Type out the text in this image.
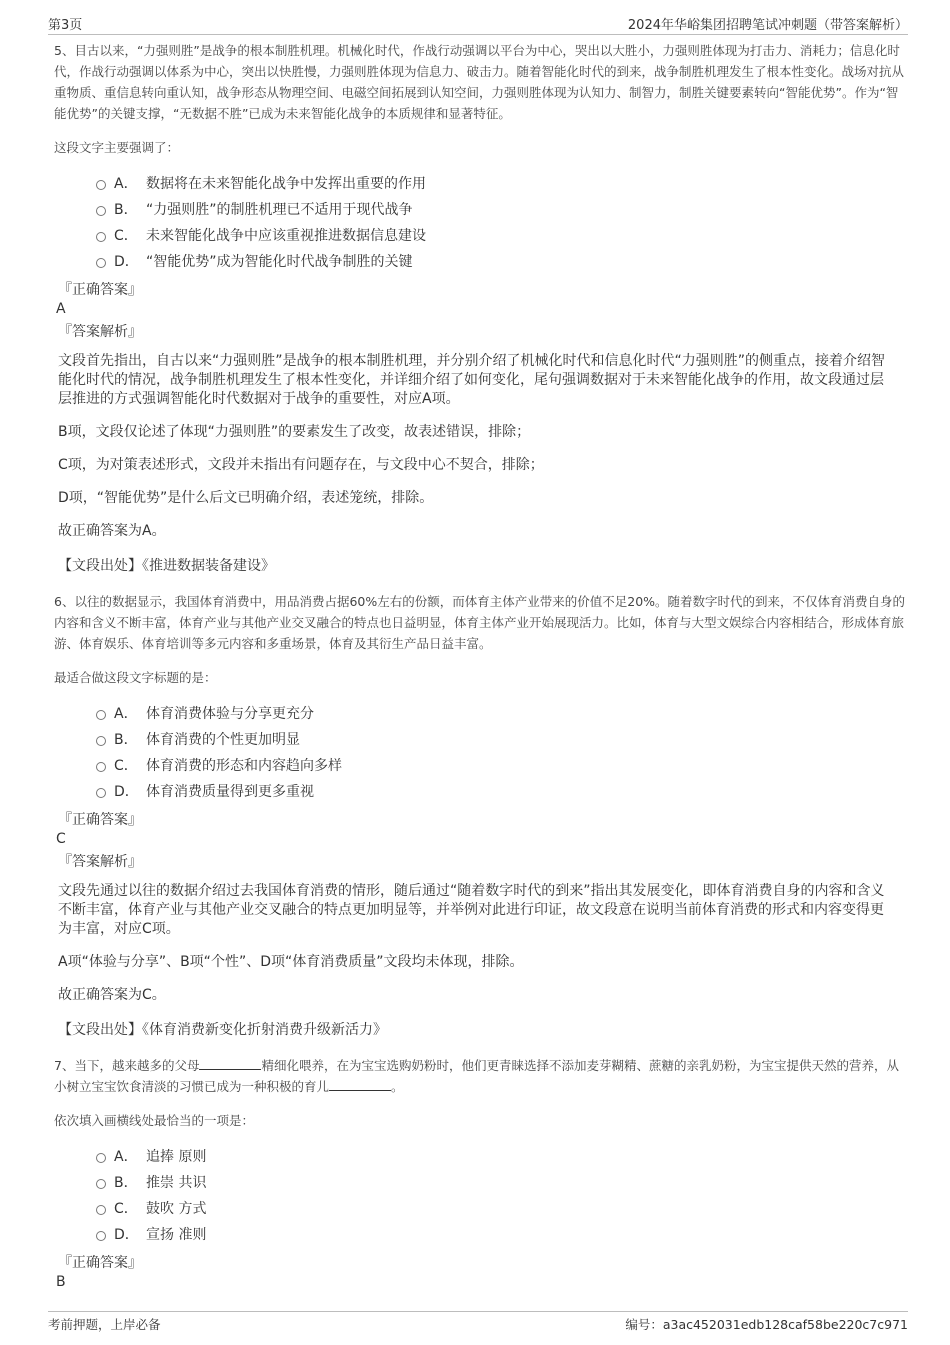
第3页	2024年华峪集团招聘笔试冲刺题（带答案解析）

5、目古以来，“力强则胜”是战争的根本制胜机理。机械化时代，作战行动强调以平台为中心，哭出以大胜小，力强则胜体现为打击力、消耗力；信息化时代，作战行动强调以体系为中心，突出以快胜慢，力强则胜体现为信息力、破击力。随着智能化时代的到来，战争制胜机理发生了根本性变化。战场对抗从重物质、重信息转向重认知，战争形态从物理空间、电磁空间拓展到认知空间，力强则胜体现为认知力、制智力，制胜关键要素转向“智能优势”。作为“智能优势”的关键支撑，“无数据不胜”已成为未来智能化战争的本质规律和显著特征。

这段文字主要强调了：
A． 数据将在未来智能化战争中发挥出重要的作用
B． “力强则胜”的制胜机理已不适用于现代战争
C． 未来智能化战争中应该重视推进数据信息建设
D． “智能优势”成为智能化时代战争制胜的关键
『正确答案』
A
『答案解析』
文段首先指出，自古以来“力强则胜”是战争的根本制胜机理，并分别介绍了机械化时代和信息化时代“力强则胜”的侧重点，接着介绍智能化时代的情况，战争制胜机理发生了根本性变化，并详细介绍了如何变化，尾句强调数据对于未来智能化战争的作用，故文段通过层层推进的方式强调智能化时代数据对于战争的重要性，对应A项。
B项，文段仅论述了体现“力强则胜”的要素发生了改变，故表述错误，排除；
C项，为对策表述形式，文段并未指出有问题存在，与文段中心不契合，排除；
D项，“智能优势”是什么后文已明确介绍，表述笼统，排除。
故正确答案为A。
【文段出处】《推进数据装备建设》

6、以往的数据显示，我国体育消费中，用品消费占据60%左右的份额，而体育主体产业带来的价值不足20%。随着数字时代的到来，不仅体育消费自身的内容和含义不断丰富，体育产业与其他产业交叉融合的特点也日益明显，体育主体产业开始展现活力。比如，体育与大型文娱综合内容相结合，形成体育旅游、体育娱乐、体育培训等多元内容和多重场景，体育及其衍生产品日益丰富。

最适合做这段文字标题的是：
A． 体育消费体验与分享更充分
B． 体育消费的个性更加明显
C． 体育消费的形态和内容趋向多样
D． 体育消费质量得到更多重视
『正确答案』
C
『答案解析』
文段先通过以往的数据介绍过去我国体育消费的情形，随后通过“随着数字时代的到来”指出其发展变化，即体育消费自身的内容和含义不断丰富，体育产业与其他产业交叉融合的特点更加明显等，并举例对此进行印证，故文段意在说明当前体育消费的形式和内容变得更为丰富，对应C项。
A项“体验与分享”、B项“个性”、D项“体育消费质量”文段均未体现，排除。
故正确答案为C。
【文段出处】《体育消费新变化折射消费升级新活力》

7、当下，越来越多的父母	精细化喂养，在为宝宝选购奶粉时，他们更青睐选择不添加麦芽糊精、蔗糖的亲乳奶粉，为宝宝提供天然的营养，从小树立宝宝饮食清淡的习惯已成为一种积极的育儿	。

依次填入画横线处最恰当的一项是：
A． 追捧 原则
B． 推崇 共识
C． 鼓吹 方式
D． 宣扬 准则
『正确答案』
B
考前押题，上岸必备	编号：a3ac452031edb128caf58be220c7c971
